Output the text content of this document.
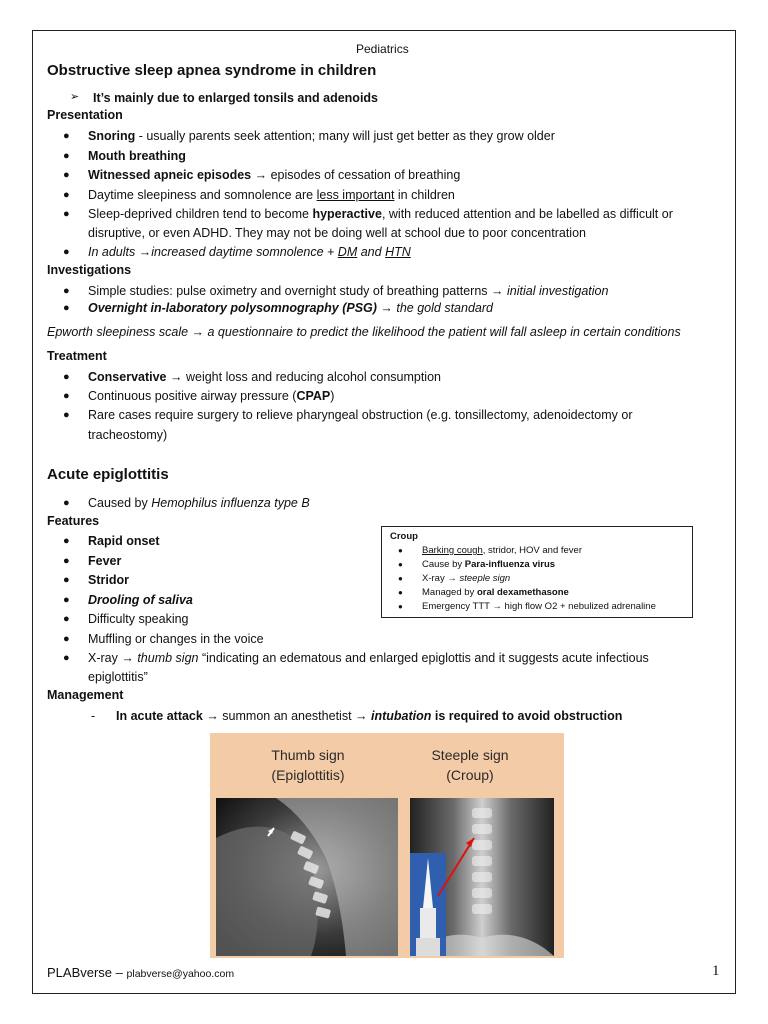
Pediatrics
Obstructive sleep apnea syndrome in children
➢ It’s mainly due to enlarged tonsils and adenoids
Presentation
● Snoring - usually parents seek attention; many will just get better as they grow older
● Mouth breathing
● Witnessed apneic episodes → episodes of cessation of breathing
● Daytime sleepiness and somnolence are less important in children
● Sleep-deprived children tend to become hyperactive, with reduced attention and be labelled as difficult or
disruptive, or even ADHD. They may not be doing well at school due to poor concentration
● In adults →increased daytime somnolence + DM and HTN
Investigations
● Simple studies: pulse oximetry and overnight study of breathing patterns → initial investigation
● Overnight in-laboratory polysomnography (PSG) → the gold standard
Epworth sleepiness scale → a questionnaire to predict the likelihood the patient will fall asleep in certain conditions
Treatment
● Conservative → weight loss and reducing alcohol consumption
● Continuous positive airway pressure (CPAP)
● Rare cases require surgery to relieve pharyngeal obstruction (e.g. tonsillectomy, adenoidectomy or
tracheostomy)
Acute epiglottitis
● Caused by Hemophilus influenza type B
Features
● Rapid onset
● Fever
● Stridor
● Drooling of saliva
● Difficulty speaking
● Muffling or changes in the voice
● X-ray → thumb sign “indicating an edematous and enlarged epiglottis and it suggests acute infectious
epiglottitis”
Management
- In acute attack → summon an anesthetist → intubation is required to avoid obstruction
Croup
● Barking cough, stridor, HOV and fever
● Cause by Para-influenza virus
● X-ray → steeple sign
● Managed by oral dexamethasone
● Emergency TTT → high flow O2 + nebulized adrenaline
Thumb sign
(Epiglottitis)
Steeple sign
(Croup)
PLABverse – plabverse@yahoo.com	1
